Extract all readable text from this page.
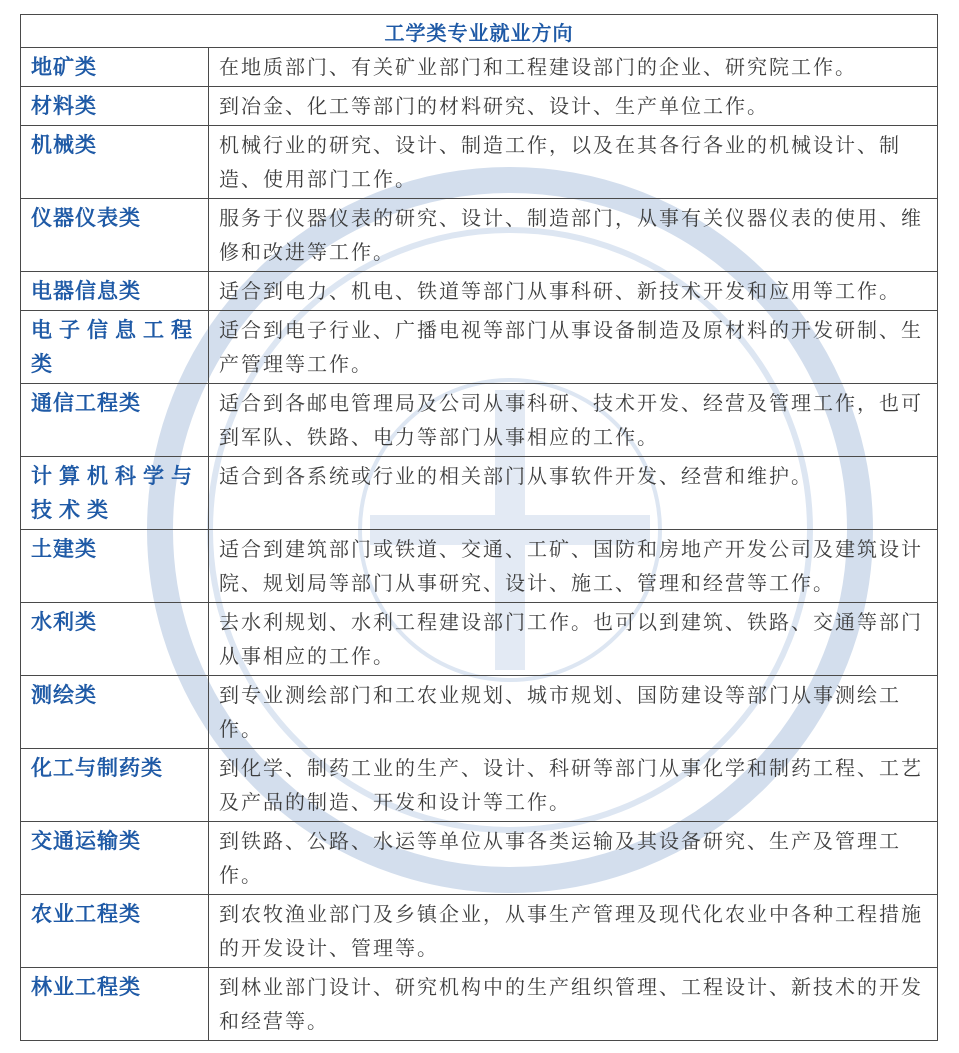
工学类专业就业方向	
地矿类	在地质部门、有关矿业部门和工程建设部门的企业、研究院工作。
材料类	到冶金、化工等部门的材料研究、设计、生产单位工作。
机械类	机械行业的研究、设计、制造工作，以及在其各行各业的机械设计、制造、使用部门工作。
仪器仪表类	服务于仪器仪表的研究、设计、制造部门，从事有关仪器仪表的使用、维修和改进等工作。
电器信息类	适合到电力、机电、铁道等部门从事科研、新技术开发和应用等工作。
电子信息工程类	适合到电子行业、广播电视等部门从事设备制造及原材料的开发研制、生产管理等工作。
通信工程类	适合到各邮电管理局及公司从事科研、技术开发、经营及管理工作，也可到军队、铁路、电力等部门从事相应的工作。
计算机科学与技术类	适合到各系统或行业的相关部门从事软件开发、经营和维护。
土建类	适合到建筑部门或铁道、交通、工矿、国防和房地产开发公司及建筑设计院、规划局等部门从事研究、设计、施工、管理和经营等工作。
水利类	去水利规划、水利工程建设部门工作。也可以到建筑、铁路、交通等部门从事相应的工作。
测绘类	到专业测绘部门和工农业规划、城市规划、国防建设等部门从事测绘工作。
化工与制药类	到化学、制药工业的生产、设计、科研等部门从事化学和制药工程、工艺及产品的制造、开发和设计等工作。
交通运输类	到铁路、公路、水运等单位从事各类运输及其设备研究、生产及管理工作。
农业工程类	到农牧渔业部门及乡镇企业，从事生产管理及现代化农业中各种工程措施的开发设计、管理等。
林业工程类	到林业部门设计、研究机构中的生产组织管理、工程设计、新技术的开发和经营等。
